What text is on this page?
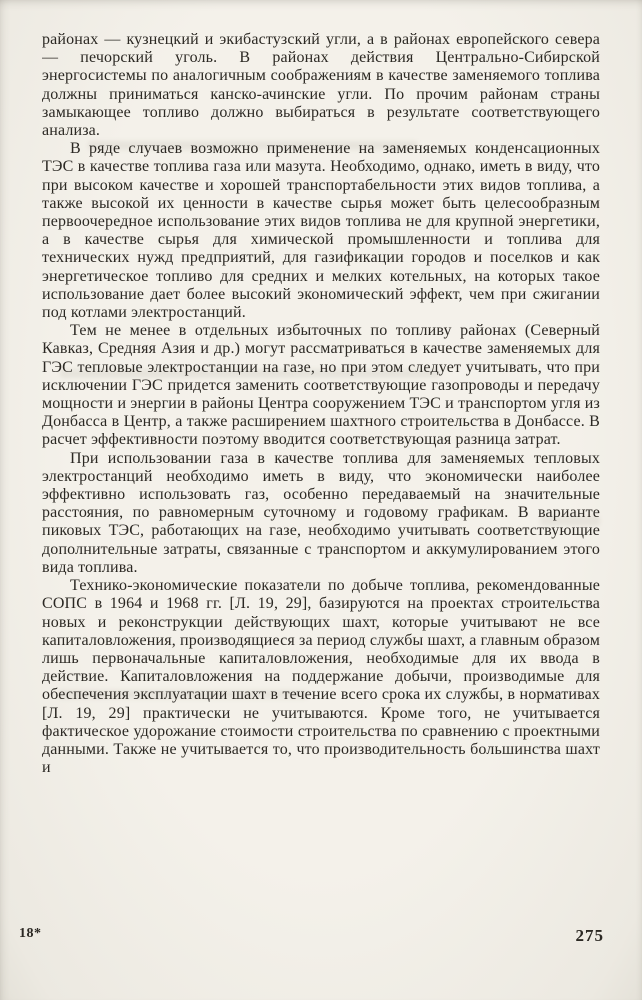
районах — кузнецкий и экибастузский угли, а в районах европейского севера — печорский уголь. В районах действия Центрально-Сибирской энергосистемы по аналогичным соображениям в качестве заменяемого топлива должны приниматься канско-ачинские угли. По прочим районам страны замыкающее топливо должно выбираться в результате соответствующего анализа.

В ряде случаев возможно применение на заменяемых конденсационных ТЭС в качестве топлива газа или мазута. Необходимо, однако, иметь в виду, что при высоком качестве и хорошей транспортабельности этих видов топлива, а также высокой их ценности в качестве сырья может быть целесообразным первоочередное использование этих видов топлива не для крупной энергетики, а в качестве сырья для химической промышленности и топлива для технических нужд предприятий, для газификации городов и поселков и как энергетическое топливо для средних и мелких котельных, на которых такое использование дает более высокий экономический эффект, чем при сжигании под котлами электростанций.

Тем не менее в отдельных избыточных по топливу районах (Северный Кавказ, Средняя Азия и др.) могут рассматриваться в качестве заменяемых для ГЭС тепловые электростанции на газе, но при этом следует учитывать, что при исключении ГЭС придется заменить соответствующие газопроводы и передачу мощности и энергии в районы Центра сооружением ТЭС и транспортом угля из Донбасса в Центр, а также расширением шахтного строительства в Донбассе. В расчет эффективности поэтому вводится соответствующая разница затрат.

При использовании газа в качестве топлива для заменяемых тепловых электростанций необходимо иметь в виду, что экономически наиболее эффективно использовать газ, особенно передаваемый на значительные расстояния, по равномерным суточному и годовому графикам. В варианте пиковых ТЭС, работающих на газе, необходимо учитывать соответствующие дополнительные затраты, связанные с транспортом и аккумулированием этого вида топлива.

Технико-экономические показатели по добыче топлива, рекомендованные СОПС в 1964 и 1968 гг. [Л. 19, 29], базируются на проектах строительства новых и реконструкции действующих шахт, которые учитывают не все капиталовложения, производящиеся за период службы шахт, а главным образом лишь первоначальные капиталовложения, необходимые для их ввода в действие. Капиталовложения на поддержание добычи, производимые для обеспечения эксплуатации шахт в течение всего срока их службы, в нормативах [Л. 19, 29] практически не учитываются. Кроме того, не учитывается фактическое удорожание стоимости строительства по сравнению с проектными данными. Также не учитывается то, что производительность большинства шахт и

18*	275
